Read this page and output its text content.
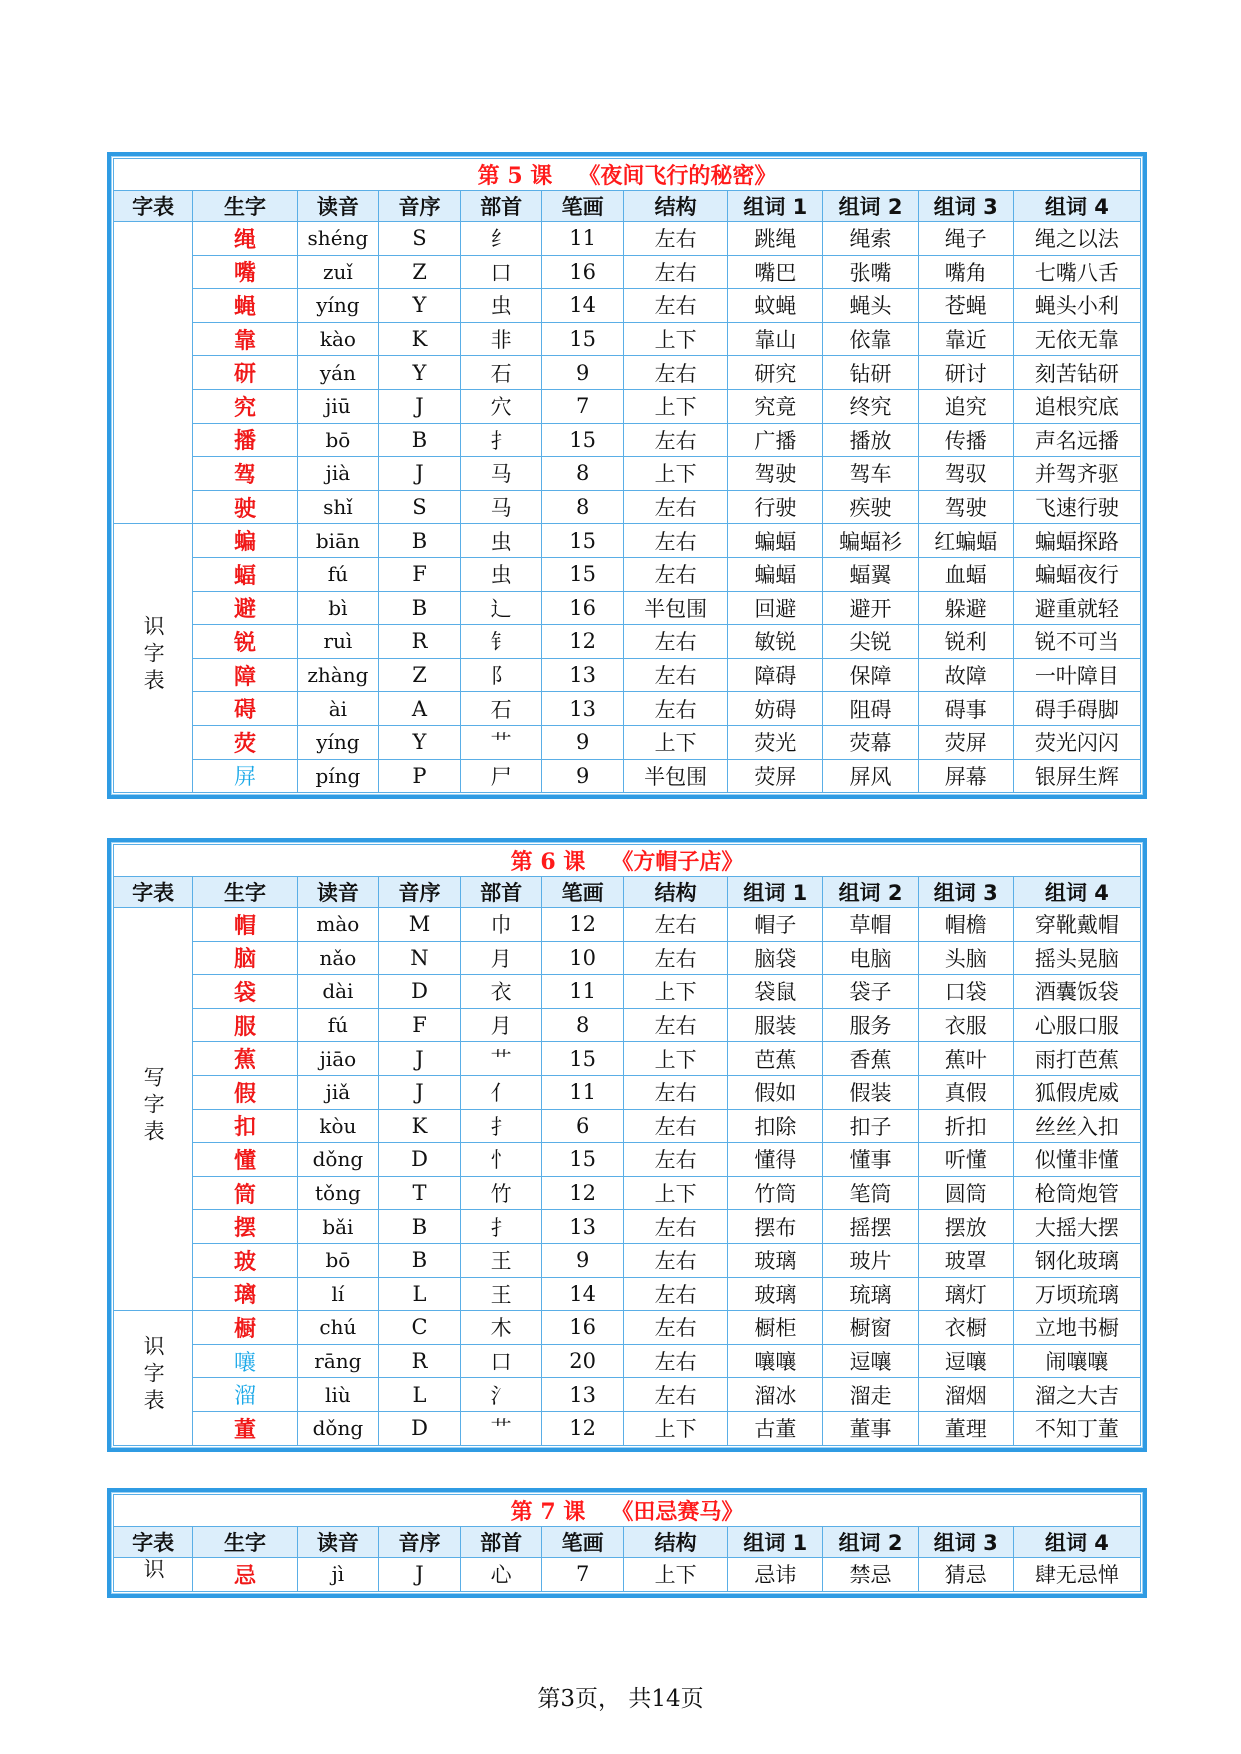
第 5 课 《夜间飞行的秘密》										
字表	生字	读音	音序	部首	笔画	结构	组词 1	组词 2	组词 3	组词 4
	绳	shéng	S	纟	11	左右	跳绳	绳索	绳子	绳之以法
	嘴	zuǐ	Z	口	16	左右	嘴巴	张嘴	嘴角	七嘴八舌
	蝇	yíng	Y	虫	14	左右	蚊蝇	蝇头	苍蝇	蝇头小利
	靠	kào	K	非	15	上下	靠山	依靠	靠近	无依无靠
	研	yán	Y	石	9	左右	研究	钻研	研讨	刻苦钻研
	究	jiū	J	穴	7	上下	究竟	终究	追究	追根究底
	播	bō	B	扌	15	左右	广播	播放	传播	声名远播
	驾	jià	J	马	8	上下	驾驶	驾车	驾驭	并驾齐驱
	驶	shǐ	S	马	8	左右	行驶	疾驶	驾驶	飞速行驶
识字表	蝙	biān	B	虫	15	左右	蝙蝠	蝙蝠衫	红蝙蝠	蝙蝠探路
	蝠	fú	F	虫	15	左右	蝙蝠	蝠翼	血蝠	蝙蝠夜行
	避	bì	B	辶	16	半包围	回避	避开	躲避	避重就轻
	锐	ruì	R	钅	12	左右	敏锐	尖锐	锐利	锐不可当
	障	zhàng	Z	阝	13	左右	障碍	保障	故障	一叶障目
	碍	ài	A	石	13	左右	妨碍	阻碍	碍事	碍手碍脚
	荧	yíng	Y	艹	9	上下	荧光	荧幕	荧屏	荧光闪闪
	屏	píng	P	尸	9	半包围	荧屏	屏风	屏幕	银屏生辉
第 6 课 《方帽子店》										
字表	生字	读音	音序	部首	笔画	结构	组词 1	组词 2	组词 3	组词 4
写字表	帽	mào	M	巾	12	左右	帽子	草帽	帽檐	穿靴戴帽
	脑	nǎo	N	月	10	左右	脑袋	电脑	头脑	摇头晃脑
	袋	dài	D	衣	11	上下	袋鼠	袋子	口袋	酒囊饭袋
	服	fú	F	月	8	左右	服装	服务	衣服	心服口服
	蕉	jiāo	J	艹	15	上下	芭蕉	香蕉	蕉叶	雨打芭蕉
	假	jiǎ	J	亻	11	左右	假如	假装	真假	狐假虎威
	扣	kòu	K	扌	6	左右	扣除	扣子	折扣	丝丝入扣
	懂	dǒng	D	忄	15	左右	懂得	懂事	听懂	似懂非懂
	筒	tǒng	T	竹	12	上下	竹筒	笔筒	圆筒	枪筒炮管
	摆	bǎi	B	扌	13	左右	摆布	摇摆	摆放	大摇大摆
	玻	bō	B	王	9	左右	玻璃	玻片	玻罩	钢化玻璃
	璃	lí	L	王	14	左右	玻璃	琉璃	璃灯	万顷琉璃
识字表	橱	chú	C	木	16	左右	橱柜	橱窗	衣橱	立地书橱
	嚷	rāng	R	口	20	左右	嚷嚷	逗嚷	逗嚷	闹嚷嚷
	溜	liù	L	氵	13	左右	溜冰	溜走	溜烟	溜之大吉
	董	dǒng	D	艹	12	上下	古董	董事	董理	不知丁董
第 7 课 《田忌赛马》										
字表	生字	读音	音序	部首	笔画	结构	组词 1	组词 2	组词 3	组词 4
识	忌	jì	J	心	7	上下	忌讳	禁忌	猜忌	肆无忌惮
第3页， 共14页
